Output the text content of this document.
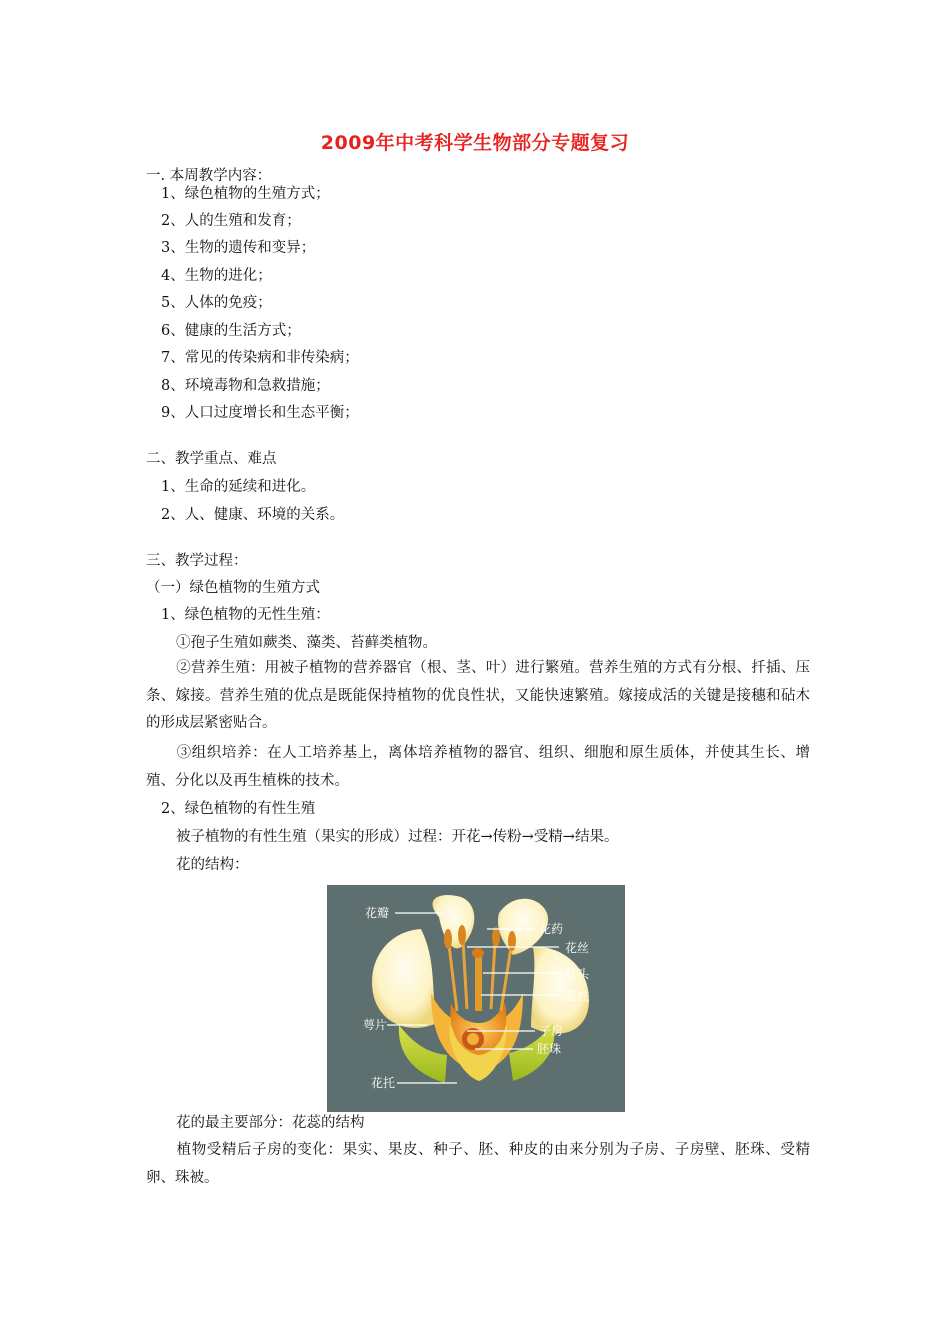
2009年中考科学生物部分专题复习
一. 本周教学内容：
1、绿色植物的生殖方式；
2、人的生殖和发育；
3、生物的遗传和变异；
4、生物的进化；
5、人体的免疫；
6、健康的生活方式；
7、常见的传染病和非传染病；
8、环境毒物和急救措施；
9、人口过度增长和生态平衡；
二、教学重点、难点
1、生命的延续和进化。
2、人、健康、环境的关系。
三、教学过程：
（一）绿色植物的生殖方式
1、绿色植物的无性生殖：
①孢子生殖如蕨类、藻类、苔藓类植物。
②营养生殖：用被子植物的营养器官（根、茎、叶）进行繁殖。营养生殖的方式有分根、扦插、压条、嫁接。营养生殖的优点是既能保持植物的优良性状，又能快速繁殖。嫁接成活的关键是接穗和砧木的形成层紧密贴合。
③组织培养：在人工培养基上，离体培养植物的器官、组织、细胞和原生质体，并使其生长、增殖、分化以及再生植株的技术。
2、绿色植物的有性生殖
被子植物的有性生殖（果实的形成）过程：开花→传粉→受精→结果。
花的结构：
花瓣
花药
花丝
柱头
花柱
萼片	子房
胚珠
花托
花的最主要部分：花蕊的结构
植物受精后子房的变化：果实、果皮、种子、胚、种皮的由来分别为子房、子房壁、胚珠、受精卵、珠被。
